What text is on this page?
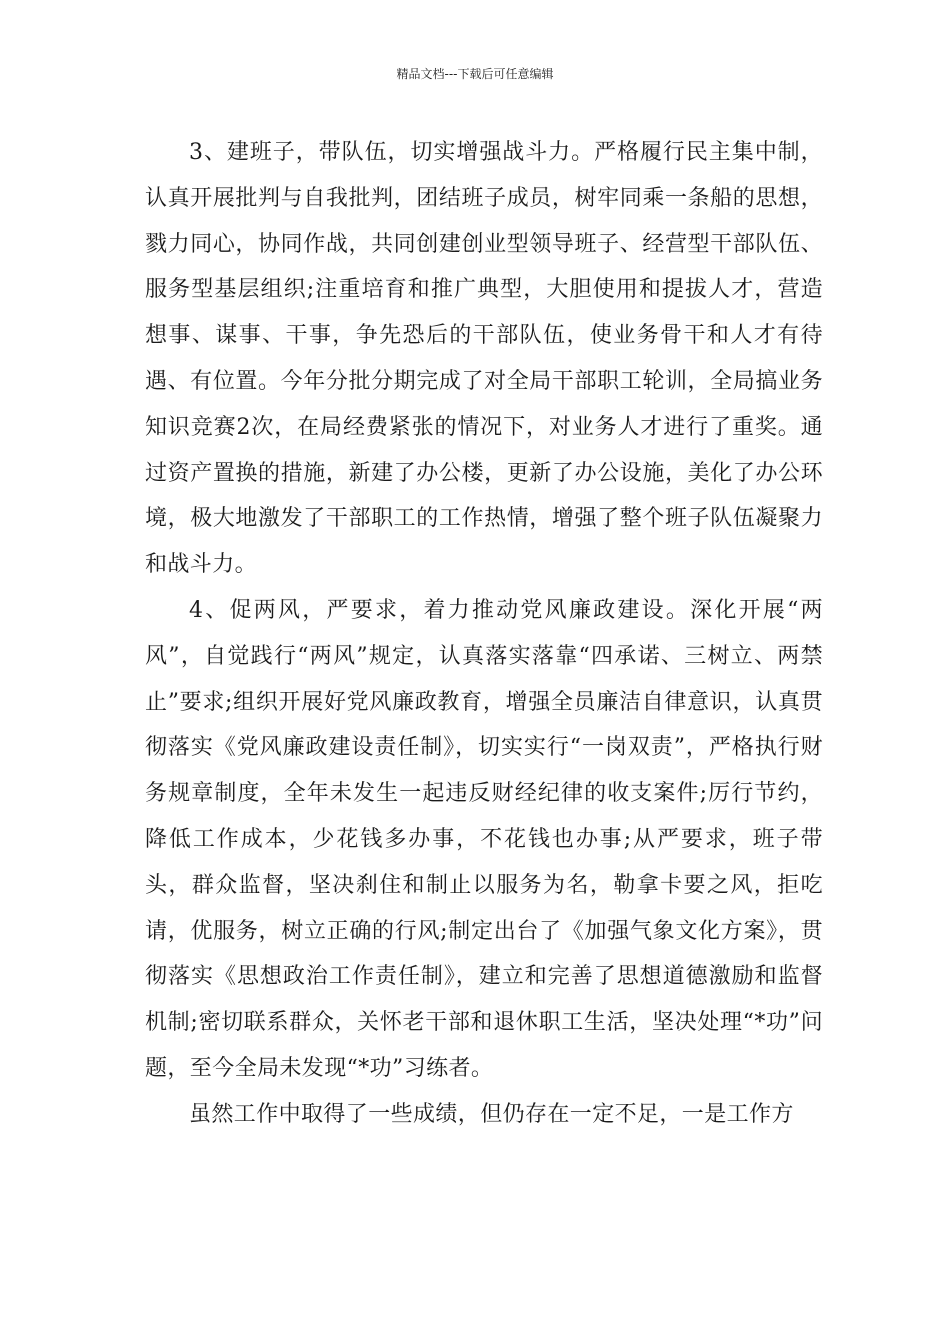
精品文档---下载后可任意编辑

3、建班子，带队伍，切实增强战斗力。严格履行民主集中制，认真开展批判与自我批判，团结班子成员，树牢同乘一条船的思想，戮力同心，协同作战，共同创建创业型领导班子、经营型干部队伍、服务型基层组织;注重培育和推广典型，大胆使用和提拔人才，营造想事、谋事、干事，争先恐后的干部队伍，使业务骨干和人才有待遇、有位置。今年分批分期完成了对全局干部职工轮训，全局搞业务知识竞赛2次，在局经费紧张的情况下，对业务人才进行了重奖。通过资产置换的措施，新建了办公楼，更新了办公设施，美化了办公环境，极大地激发了干部职工的工作热情，增强了整个班子队伍凝聚力和战斗力。

4、促两风，严要求，着力推动党风廉政建设。深化开展“两风”，自觉践行“两风”规定，认真落实落靠“四承诺、三树立、两禁止”要求;组织开展好党风廉政教育，增强全员廉洁自律意识，认真贯彻落实《党风廉政建设责任制》，切实实行“一岗双责”，严格执行财务规章制度，全年未发生一起违反财经纪律的收支案件;厉行节约，降低工作成本，少花钱多办事，不花钱也办事;从严要求，班子带头，群众监督，坚决刹住和制止以服务为名，勒拿卡要之风，拒吃请，优服务，树立正确的行风;制定出台了《加强气象文化方案》，贯彻落实《思想政治工作责任制》，建立和完善了思想道德激励和监督机制;密切联系群众，关怀老干部和退休职工生活，坚决处理“*功”问题，至今全局未发现“*功”习练者。

虽然工作中取得了一些成绩，但仍存在一定不足，一是工作方
